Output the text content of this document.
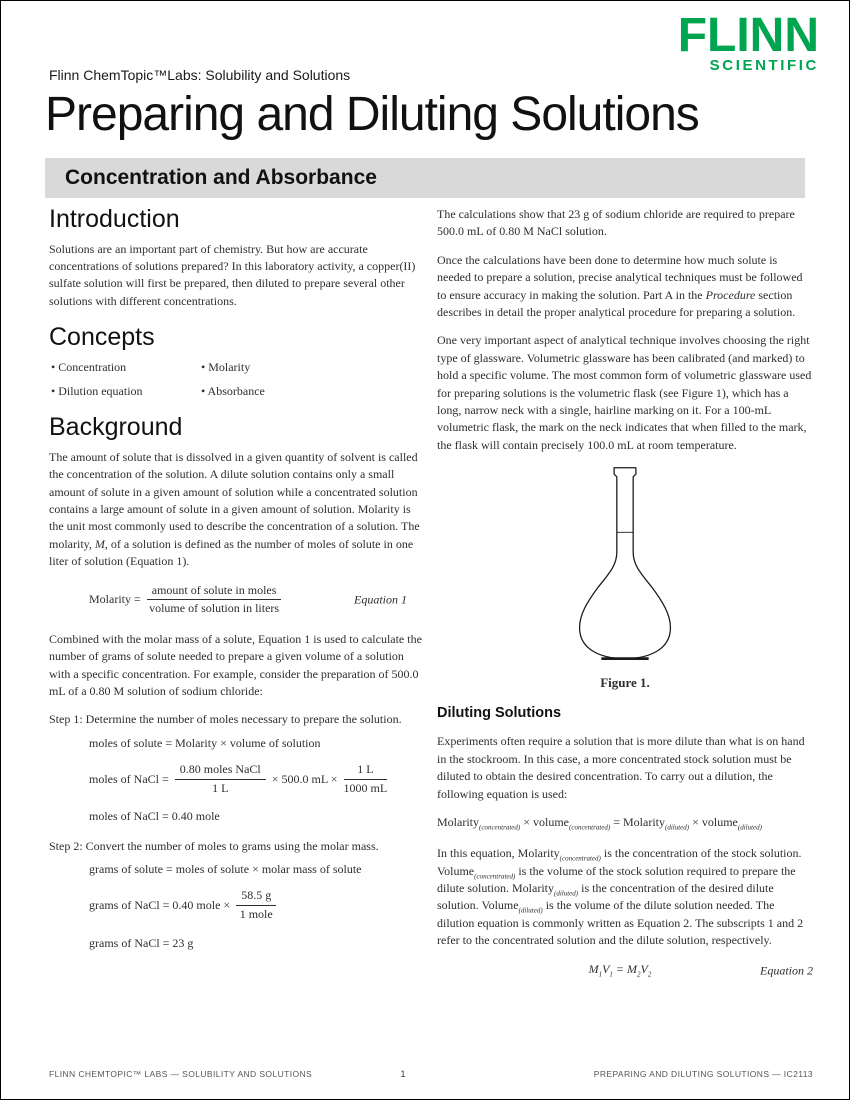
FLINN
SCIENTIFIC
Flinn ChemTopic™Labs: Solubility and Solutions
Preparing and Diluting Solutions
Concentration and Absorbance
Introduction

Solutions are an important part of chemistry. But how are accurate concentrations of solutions prepared? In this laboratory activity, a copper(II) sulfate solution will first be prepared, then diluted to prepare several other solutions with different concentrations.

Concepts
• Concentration	• Molarity
• Dilution equation	• Absorbance
Background

The amount of solute that is dissolved in a given quantity of solvent is called the concentration of the solution. A dilute solution contains only a small amount of solute in a given amount of solution while a concentrated solution contains a large amount of solute in a given amount of solution. Molarity is the unit most commonly used to describe the concentration of a solution. The molarity, M, of a solution is defined as the number of moles of solute in one liter of solution (Equation 1).

Molarity = $\frac{\text{amount of solute in moles}}{\text{volume of solution in liters}}$	Equation 1

Combined with the molar mass of a solute, Equation 1 is used to calculate the number of grams of solute needed to prepare a given volume of a solution with a specific concentration. For example, consider the preparation of 500.0 mL of a 0.80 M solution of sodium chloride:

Step 1: Determine the number of moles necessary to prepare the solution.
moles of solute = Molarity × volume of solution
moles of NaCl = $\frac{\text{0.80 moles NaCl}}{1 L} \times 500.0$ mL × $\frac{1 L}{1000 mL}$
moles of NaCl = 0.40 mole
Step 2: Convert the number of moles to grams using the molar mass.
grams of solute = moles of solute × molar mass of solute
grams of NaCl = 0.40 mole × $\frac{58.5 g}{\text{1 mole}}$
grams of NaCl = 23 g

The calculations show that 23 g of sodium chloride are required to prepare 500.0 mL of 0.80 M NaCl solution.

Once the calculations have been done to determine how much solute is needed to prepare a solution, precise analytical techniques must be followed to ensure accuracy in making the solution. Part A in the Procedure section describes in detail the proper analytical procedure for preparing a solution.

One very important aspect of analytical technique involves choosing the right type of glassware. Volumetric glassware has been calibrated (and marked) to hold a specific volume. The most common form of volumetric glassware used for preparing solutions is the volumetric flask (see Figure 1), which has a long, narrow neck with a single, hairline marking on it. For a 100-mL volumetric flask, the mark on the neck indicates that when filled to the mark, the flask will contain precisely 100.0 mL at room temperature.

Figure 1.
Diluting Solutions

Experiments often require a solution that is more dilute than what is on hand in the stockroom. In this case, a more concentrated stock solution must be diluted to obtain the desired concentration. To carry out a dilution, the following equation is used:

Molarity$_{(concentrated)}$ × volume$_{(concentrated)}$ = Molarity$_{(diluted)}$ × volume$_{(diluted)}$

In this equation, Molarity$_{(concentrated)}$ is the concentration of the stock solution. Volume$_{(concentrated)}$ is the volume of the stock solution required to prepare the dilute solution. Molarity$_{(diluted)}$ is the concentration of the desired dilute solution. Volume$_{(diluted)}$ is the volume of the dilute solution needed. The dilution equation is commonly written as Equation 2. The subscripts 1 and 2 refer to the concentrated solution and the dilute solution, respectively.

$M_1V_1 = M_2V_2$	Equation 2
FLINN CHEMTOPIC™ LABS — SOLUBILITY AND SOLUTIONS	1	PREPARING AND DILUTING SOLUTIONS — IC2113
